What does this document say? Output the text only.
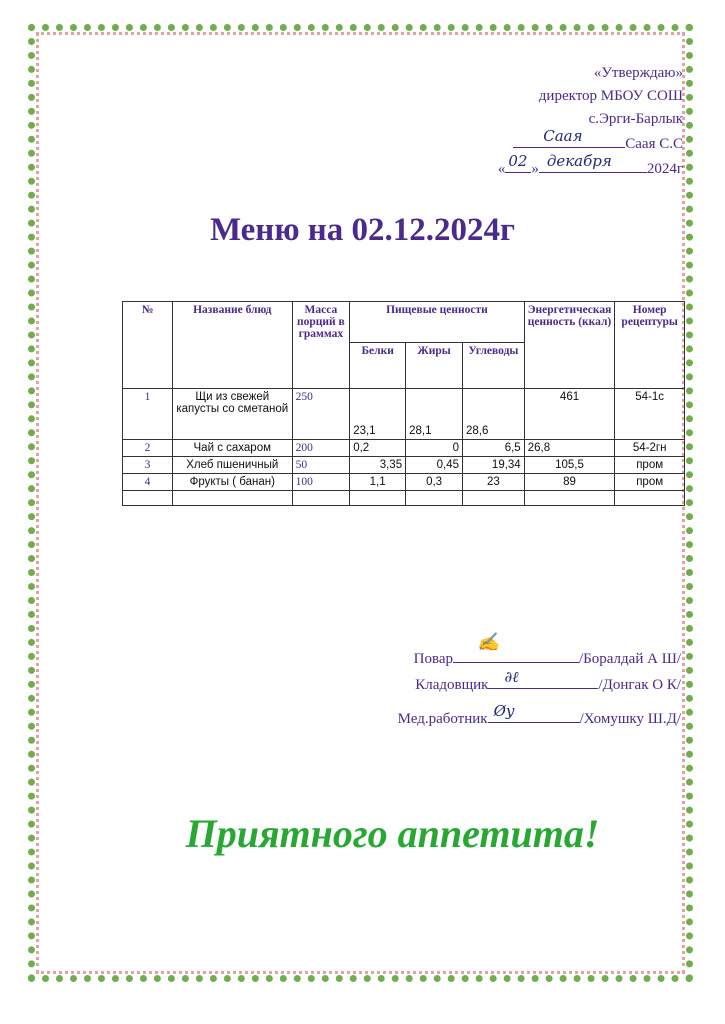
«Утверждаю»
директор МБОУ СОШ
с.Эрги-Барлык
Саая	Саая С.С
« 02 » декабря 2024г
Меню на 02.12.2024г
№	Название блюд	Масса порций в граммах	Пищевые ценности			Энергетическая ценность (ккал)	Номер рецептуры
			Белки	Жиры	Углеводы		
1	Щи из свежей капусты со сметаной	250	23,1	28,1	28,6	461	54-1с
2	Чай с сахаром	200	0,2	0	6,5	26,8	54-2гн
3	Хлеб пшеничный	50	3,35	0,45	19,34	105,5	пром
4	Фрукты ( банан)	100	1,1	0,3	23	89	пром

Повар
✍
/Боралдай А Ш/
Кладовщик ∂ℓ	/Донгак О К/
Мед.работник Øy	/Хомушку Ш.Д/
Приятного аппетита!
